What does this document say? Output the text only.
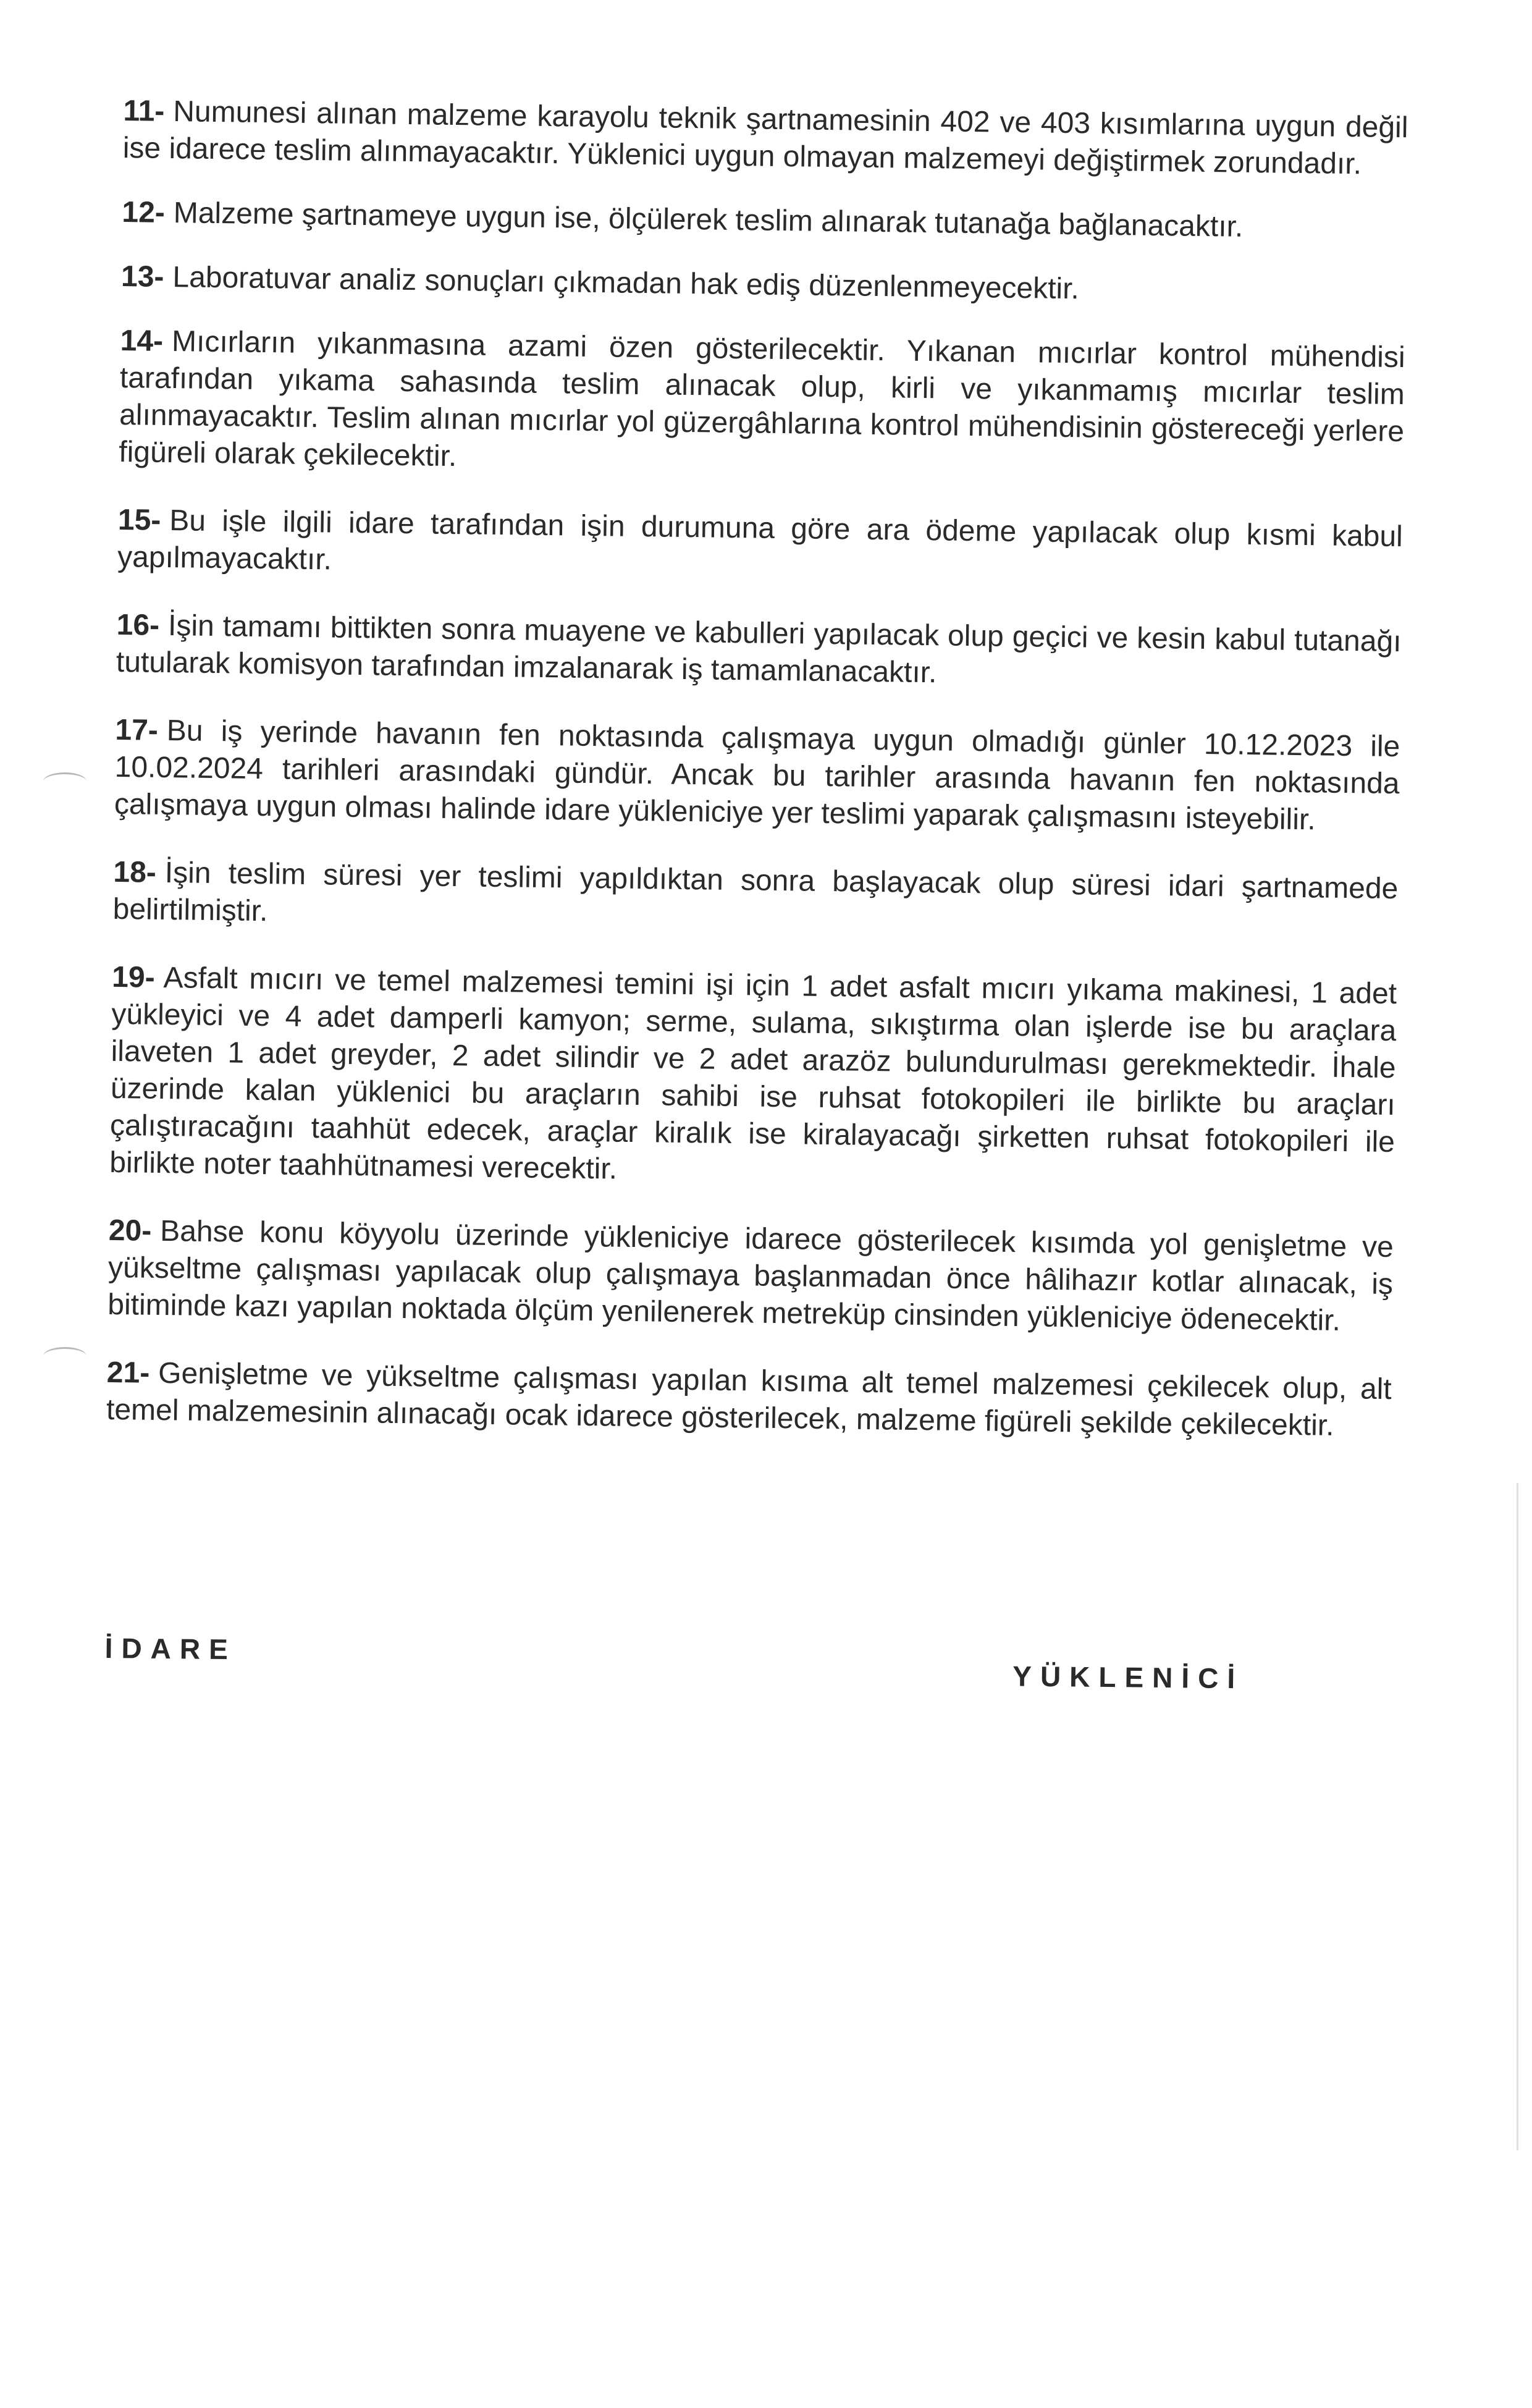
11- Numunesi alınan malzeme karayolu teknik şartnamesinin 402 ve 403 kısımlarına uygun değil ise idarece teslim alınmayacaktır. Yüklenici uygun olmayan malzemeyi değiştirmek zorundadır.

12- Malzeme şartnameye uygun ise, ölçülerek teslim alınarak tutanağa bağlanacaktır.

13- Laboratuvar analiz sonuçları çıkmadan hak ediş düzenlenmeyecektir.

14- Mıcırların yıkanmasına azami özen gösterilecektir. Yıkanan mıcırlar kontrol mühendisi tarafından yıkama sahasında teslim alınacak olup, kirli ve yıkanmamış mıcırlar teslim alınmayacaktır. Teslim alınan mıcırlar yol güzergâhlarına kontrol mühendisinin göstereceği yerlere figüreli olarak çekilecektir.

15- Bu işle ilgili idare tarafından işin durumuna göre ara ödeme yapılacak olup kısmi kabul yapılmayacaktır.

16- İşin tamamı bittikten sonra muayene ve kabulleri yapılacak olup geçici ve kesin kabul tutanağı tutularak komisyon tarafından imzalanarak iş tamamlanacaktır.

17- Bu iş yerinde havanın fen noktasında çalışmaya uygun olmadığı günler 10.12.2023 ile 10.02.2024 tarihleri arasındaki gündür. Ancak bu tarihler arasında havanın fen noktasında çalışmaya uygun olması halinde idare yükleniciye yer teslimi yaparak çalışmasını isteyebilir.

18- İşin teslim süresi yer teslimi yapıldıktan sonra başlayacak olup süresi idari şartnamede belirtilmiştir.

19- Asfalt mıcırı ve temel malzemesi temini işi için 1 adet asfalt mıcırı yıkama makinesi, 1 adet yükleyici ve 4 adet damperli kamyon; serme, sulama, sıkıştırma olan işlerde ise bu araçlara ilaveten 1 adet greyder, 2 adet silindir ve 2 adet arazöz bulundurulması gerekmektedir. İhale üzerinde kalan yüklenici bu araçların sahibi ise ruhsat fotokopileri ile birlikte bu araçları çalıştıracağını taahhüt edecek, araçlar kiralık ise kiralayacağı şirketten ruhsat fotokopileri ile birlikte noter taahhütnamesi verecektir.

20- Bahse konu köyyolu üzerinde yükleniciye idarece gösterilecek kısımda yol genişletme ve yükseltme çalışması yapılacak olup çalışmaya başlanmadan önce hâlihazır kotlar alınacak, iş bitiminde kazı yapılan noktada ölçüm yenilenerek metreküp cinsinden yükleniciye ödenecektir.

21- Genişletme ve yükseltme çalışması yapılan kısıma alt temel malzemesi çekilecek olup, alt temel malzemesinin alınacağı ocak idarece gösterilecek, malzeme figüreli şekilde çekilecektir.

İDARE
YÜKLENİCİ
